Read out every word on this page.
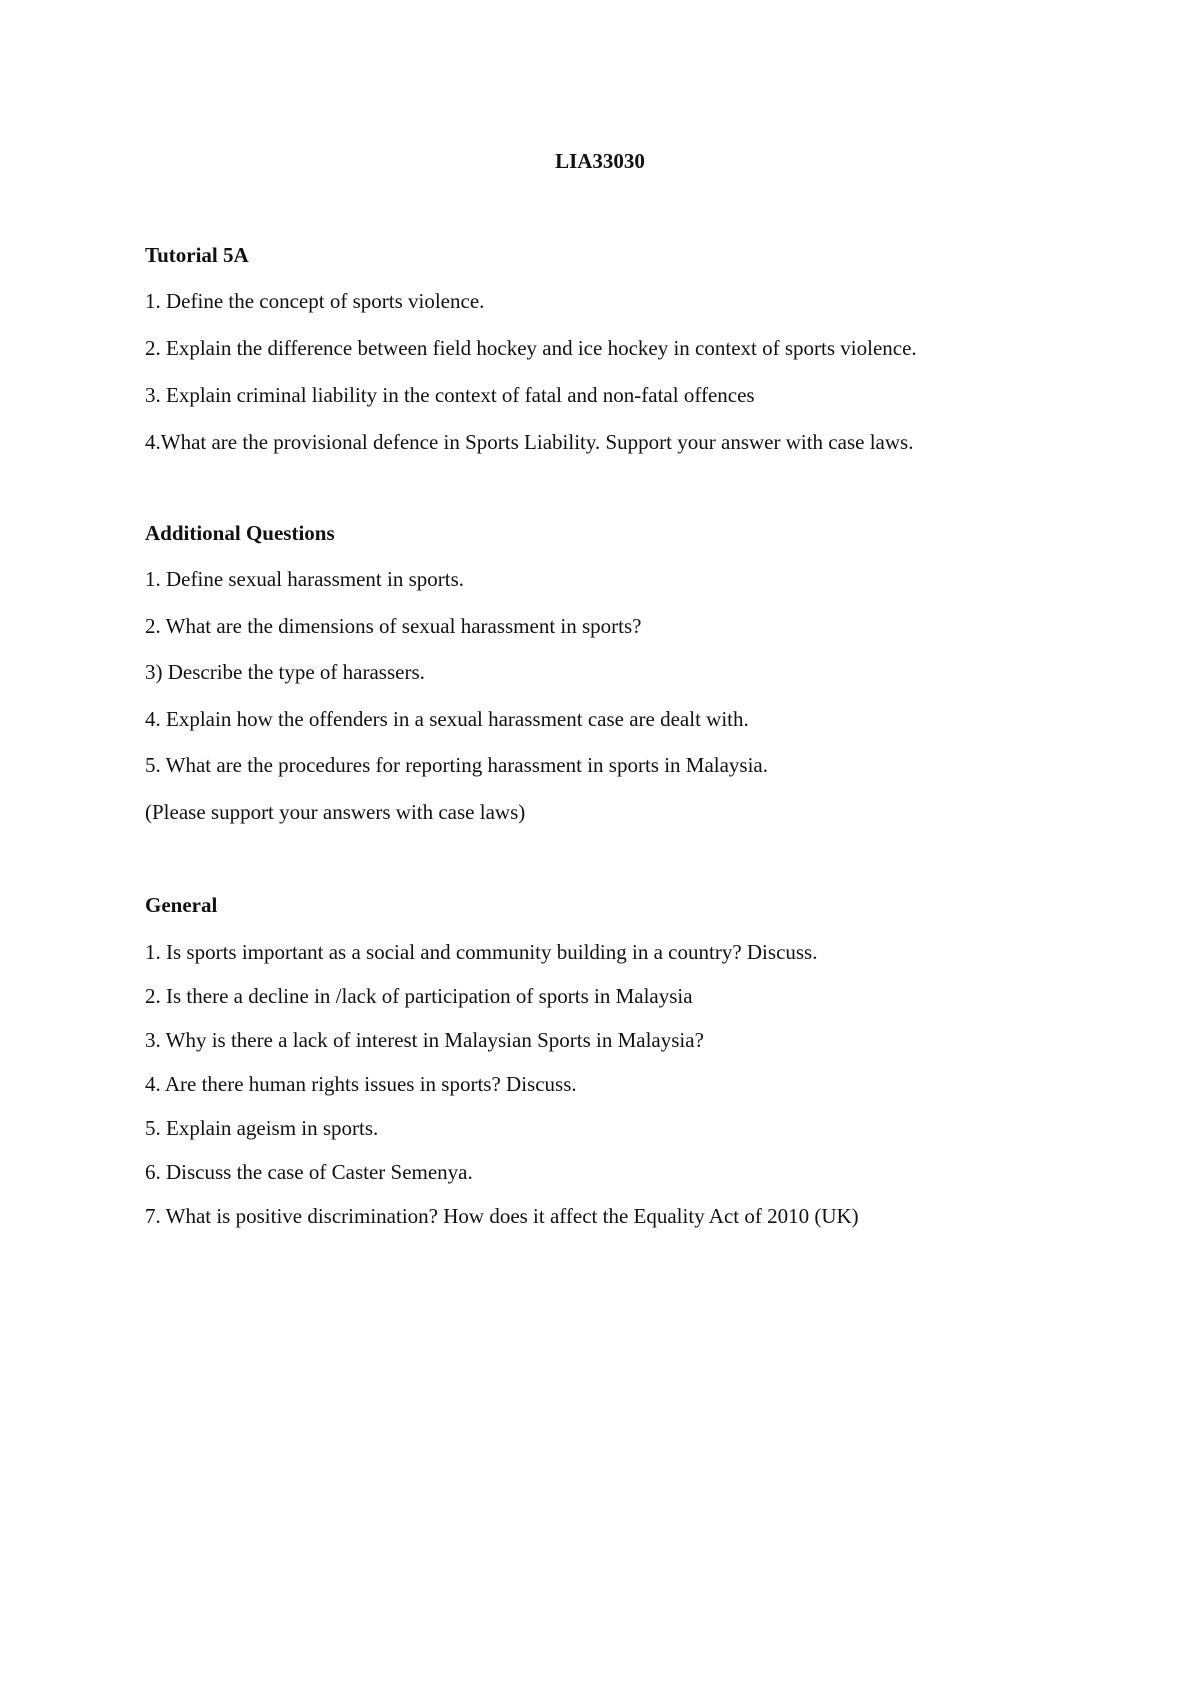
LIA33030

Tutorial 5A

1. Define the concept of sports violence.
2. Explain the difference between field hockey and ice hockey in context of sports violence.
3. Explain criminal liability in the context of fatal and non-fatal offences
4.What are the provisional defence in Sports Liability. Support your answer with case laws.

Additional Questions

1. Define sexual harassment in sports.
2. What are the dimensions of sexual harassment in sports?
3) Describe the type of harassers.
4. Explain how the offenders in a sexual harassment case are dealt with.
5. What are the procedures for reporting harassment in sports in Malaysia.
(Please support your answers with case laws)

General

1. Is sports important as a social and community building in a country? Discuss.
2. Is there a decline in /lack of participation of sports in Malaysia
3. Why is there a lack of interest in Malaysian Sports in Malaysia?
4. Are there human rights issues in sports? Discuss.
5. Explain ageism in sports.
6. Discuss the case of Caster Semenya.
7. What is positive discrimination? How does it affect the Equality Act of 2010 (UK)
